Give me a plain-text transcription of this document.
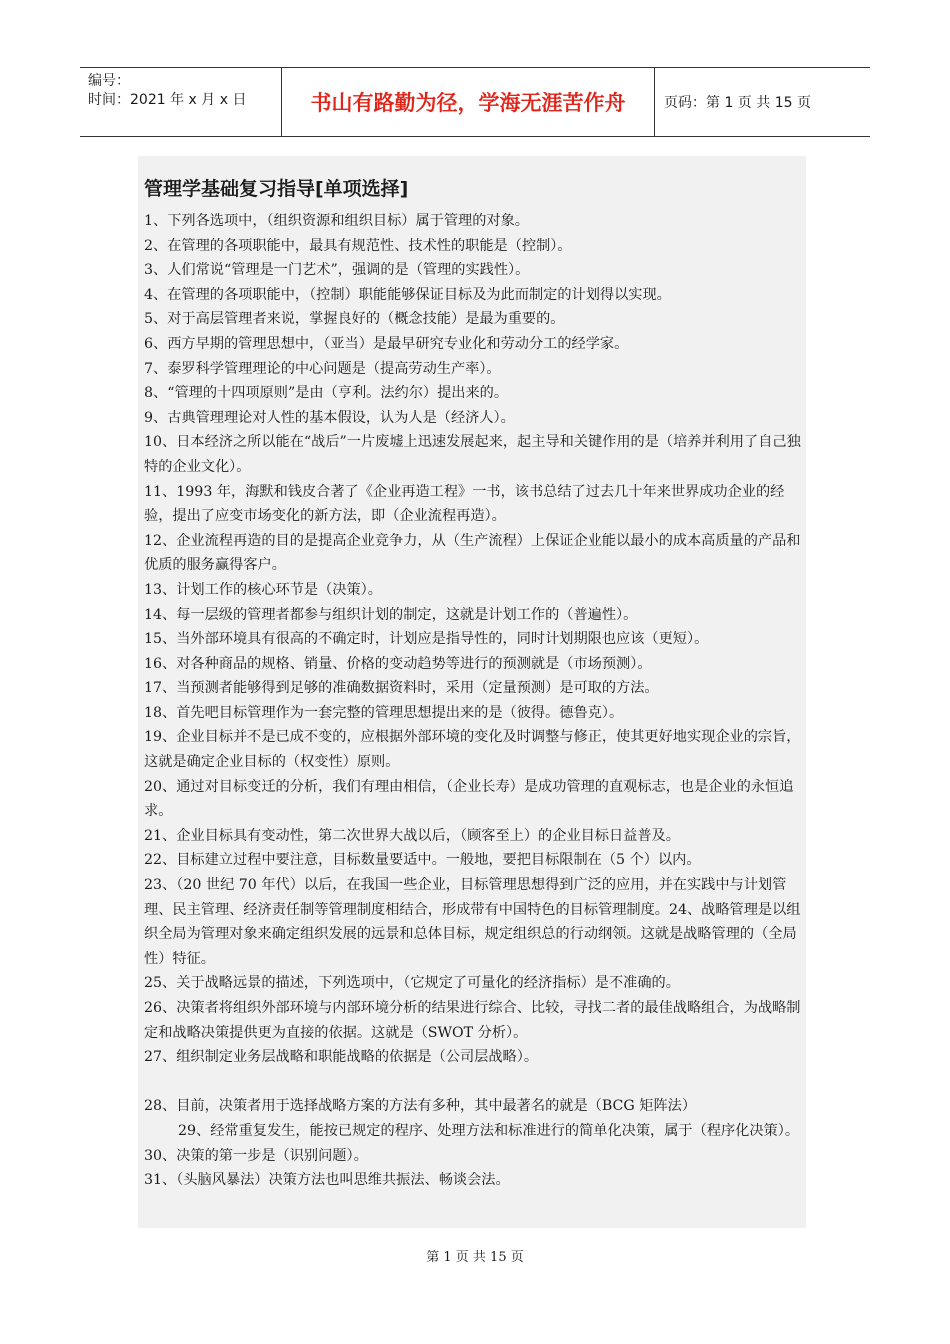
编号：
时间：2021 年 x 月 x 日	书山有路勤为径，学海无涯苦作舟	页码：第 1 页 共 15 页
管理学基础复习指导[单项选择]

1、下列各选项中，（组织资源和组织目标）属于管理的对象。

2、在管理的各项职能中，最具有规范性、技术性的职能是（控制）。

3、人们常说“管理是一门艺术”，强调的是（管理的实践性）。

4、在管理的各项职能中，（控制）职能能够保证目标及为此而制定的计划得以实现。

5、对于高层管理者来说，掌握良好的（概念技能）是最为重要的。

6、西方早期的管理思想中，（亚当）是最早研究专业化和劳动分工的经学家。

7、泰罗科学管理理论的中心问题是（提高劳动生产率）。

8、“管理的十四项原则”是由（亨利。法约尔）提出来的。

9、古典管理理论对人性的基本假设，认为人是（经济人）。

10、日本经济之所以能在“战后”一片废墟上迅速发展起来，起主导和关键作用的是（培养并利用了自己独特的企业文化）。

11、1993 年，海默和钱皮合著了《企业再造工程》一书，该书总结了过去几十年来世界成功企业的经验，提出了应变市场变化的新方法，即（企业流程再造）。

12、企业流程再造的目的是提高企业竞争力，从（生产流程）上保证企业能以最小的成本高质量的产品和优质的服务赢得客户。

13、计划工作的核心环节是（决策）。

14、每一层级的管理者都参与组织计划的制定，这就是计划工作的（普遍性）。

15、当外部环境具有很高的不确定时，计划应是指导性的，同时计划期限也应该（更短）。

16、对各种商品的规格、销量、价格的变动趋势等进行的预测就是（市场预测）。

17、当预测者能够得到足够的准确数据资料时，采用（定量预测）是可取的方法。

18、首先吧目标管理作为一套完整的管理思想提出来的是（彼得。德鲁克）。

19、企业目标并不是已成不变的，应根据外部环境的变化及时调整与修正，使其更好地实现企业的宗旨，这就是确定企业目标的（权变性）原则。

20、通过对目标变迁的分析，我们有理由相信，（企业长寿）是成功管理的直观标志，也是企业的永恒追求。

21、企业目标具有变动性，第二次世界大战以后，（顾客至上）的企业目标日益普及。

22、目标建立过程中要注意，目标数量要适中。一般地，要把目标限制在（5 个）以内。

23、（20 世纪 70 年代）以后，在我国一些企业，目标管理思想得到广泛的应用，并在实践中与计划管理、民主管理、经济责任制等管理制度相结合，形成带有中国特色的目标管理制度。24、战略管理是以组织全局为管理对象来确定组织发展的远景和总体目标，规定组织总的行动纲领。这就是战略管理的（全局性）特征。

25、关于战略远景的描述，下列选项中，（它规定了可量化的经济指标）是不准确的。

26、决策者将组织外部环境与内部环境分析的结果进行综合、比较，寻找二者的最佳战略组合，为战略制定和战略决策提供更为直接的依据。这就是（SWOT 分析）。

27、组织制定业务层战略和职能战略的依据是（公司层战略）。

28、目前，决策者用于选择战略方案的方法有多种，其中最著名的就是（BCG 矩阵法）

29、经常重复发生，能按已规定的程序、处理方法和标准进行的简单化决策，属于（程序化决策）。

30、决策的第一步是（识别问题）。

31、（头脑风暴法）决策方法也叫思维共振法、畅谈会法。

第 1 页 共 15 页
